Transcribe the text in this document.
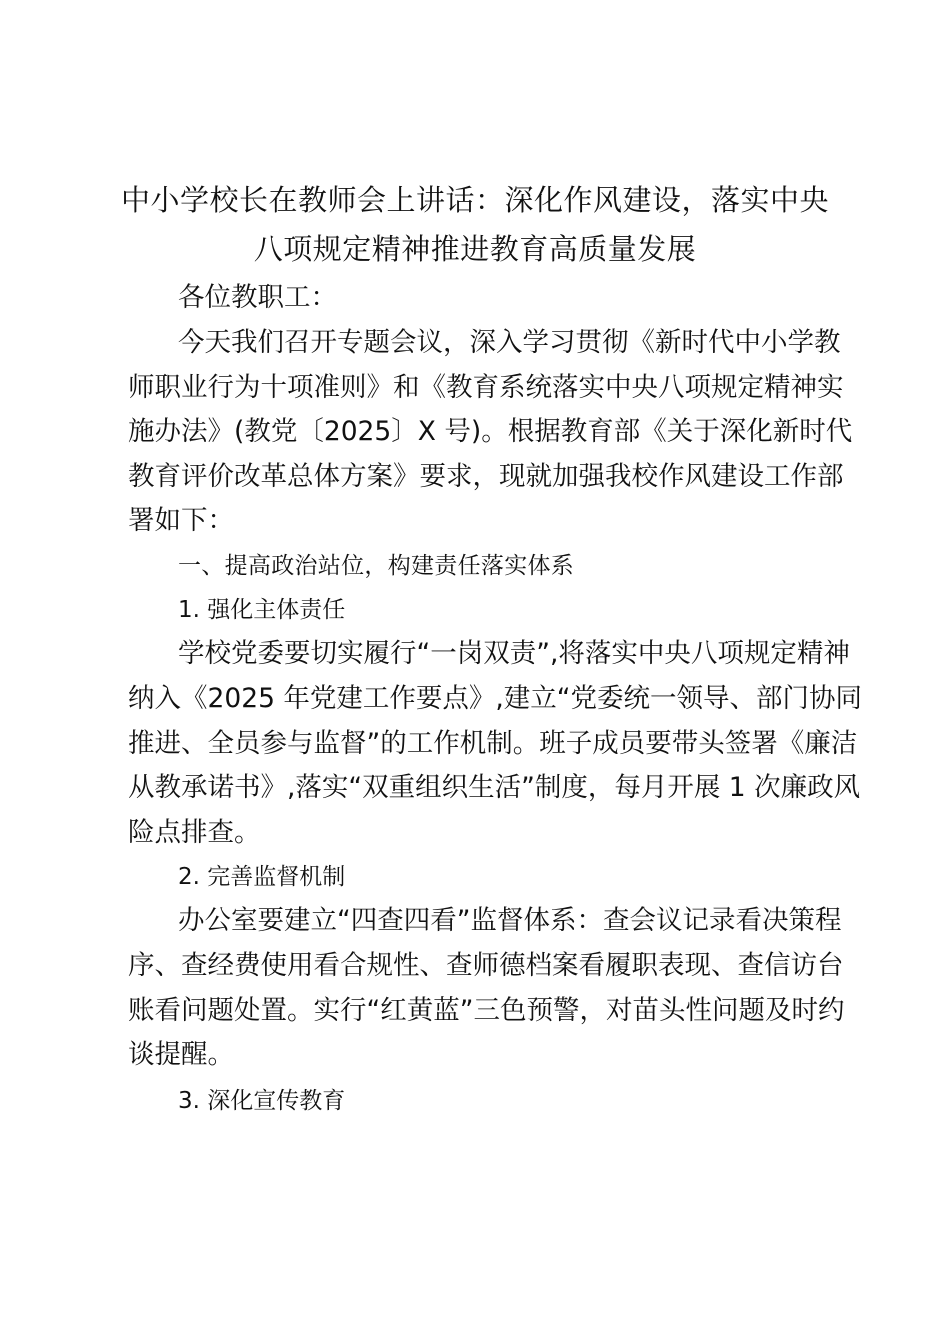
中小学校长在教师会上讲话：深化作风建设，落实中央
八项规定精神推进教育高质量发展
各位教职工：
今天我们召开专题会议，深入学习贯彻《新时代中小学教
师职业行为十项准则》和《教育系统落实中央八项规定精神实
施办法》(教党〔2025〕X 号)。根据教育部《关于深化新时代
教育评价改革总体方案》要求，现就加强我校作风建设工作部
署如下：
一、提高政治站位，构建责任落实体系
1. 强化主体责任
学校党委要切实履行“一岗双责”,将落实中央八项规定精神
纳入《2025 年党建工作要点》,建立“党委统一领导、部门协同
推进、全员参与监督”的工作机制。班子成员要带头签署《廉洁
从教承诺书》,落实“双重组织生活”制度，每月开展 1 次廉政风
险点排查。
2. 完善监督机制
办公室要建立“四查四看”监督体系：查会议记录看决策程
序、查经费使用看合规性、查师德档案看履职表现、查信访台
账看问题处置。实行“红黄蓝”三色预警，对苗头性问题及时约
谈提醒。
3. 深化宣传教育
